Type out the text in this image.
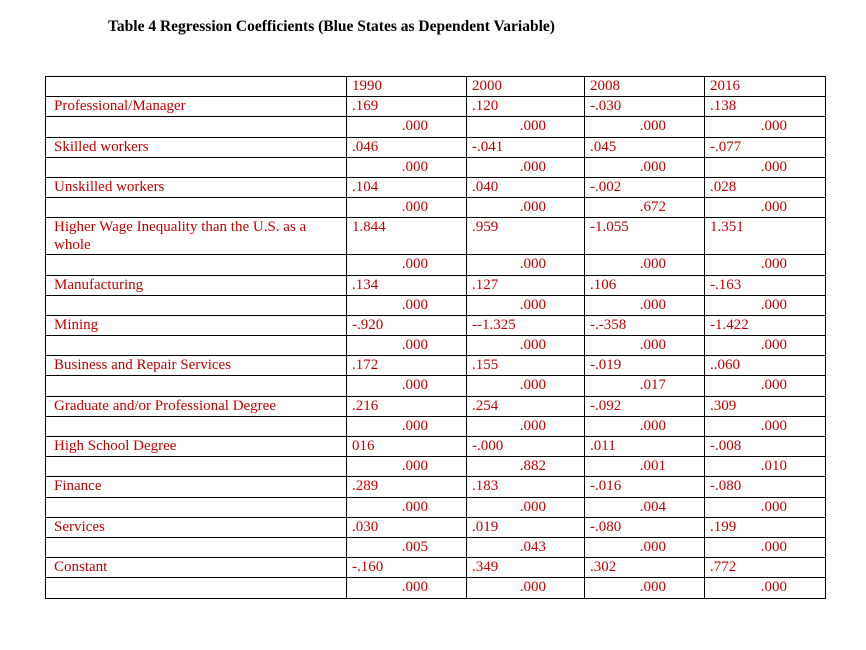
Table 4 Regression Coefficients (Blue States as Dependent Variable)
	1990	2000	2008	2016
Professional/Manager	.169	.120	-.030	.138
	.000	.000	.000	.000
Skilled workers	.046	-.041	.045	-.077
	.000	.000	.000	.000
Unskilled workers	.104	.040	-.002	.028
	.000	.000	.672	.000
Higher Wage Inequality than the U.S. as a whole	1.844	.959	-1.055	1.351
	.000	.000	.000	.000
Manufacturing	.134	.127	.106	-.163
	.000	.000	.000	.000
Mining	-.920	--1.325	-.-358	-1.422
	.000	.000	.000	.000
Business and Repair Services	.172	.155	-.019	..060
	.000	.000	.017	.000
Graduate and/or Professional Degree	.216	.254	-.092	.309
	.000	.000	.000	.000
High School Degree	016	-.000	.011	-.008
	.000	.882	.001	.010
Finance	.289	.183	-.016	-.080
	.000	.000	.004	.000
Services	.030	.019	-.080	.199
	.005	.043	.000	.000
Constant	-.160	.349	.302	.772
	.000	.000	.000	.000
